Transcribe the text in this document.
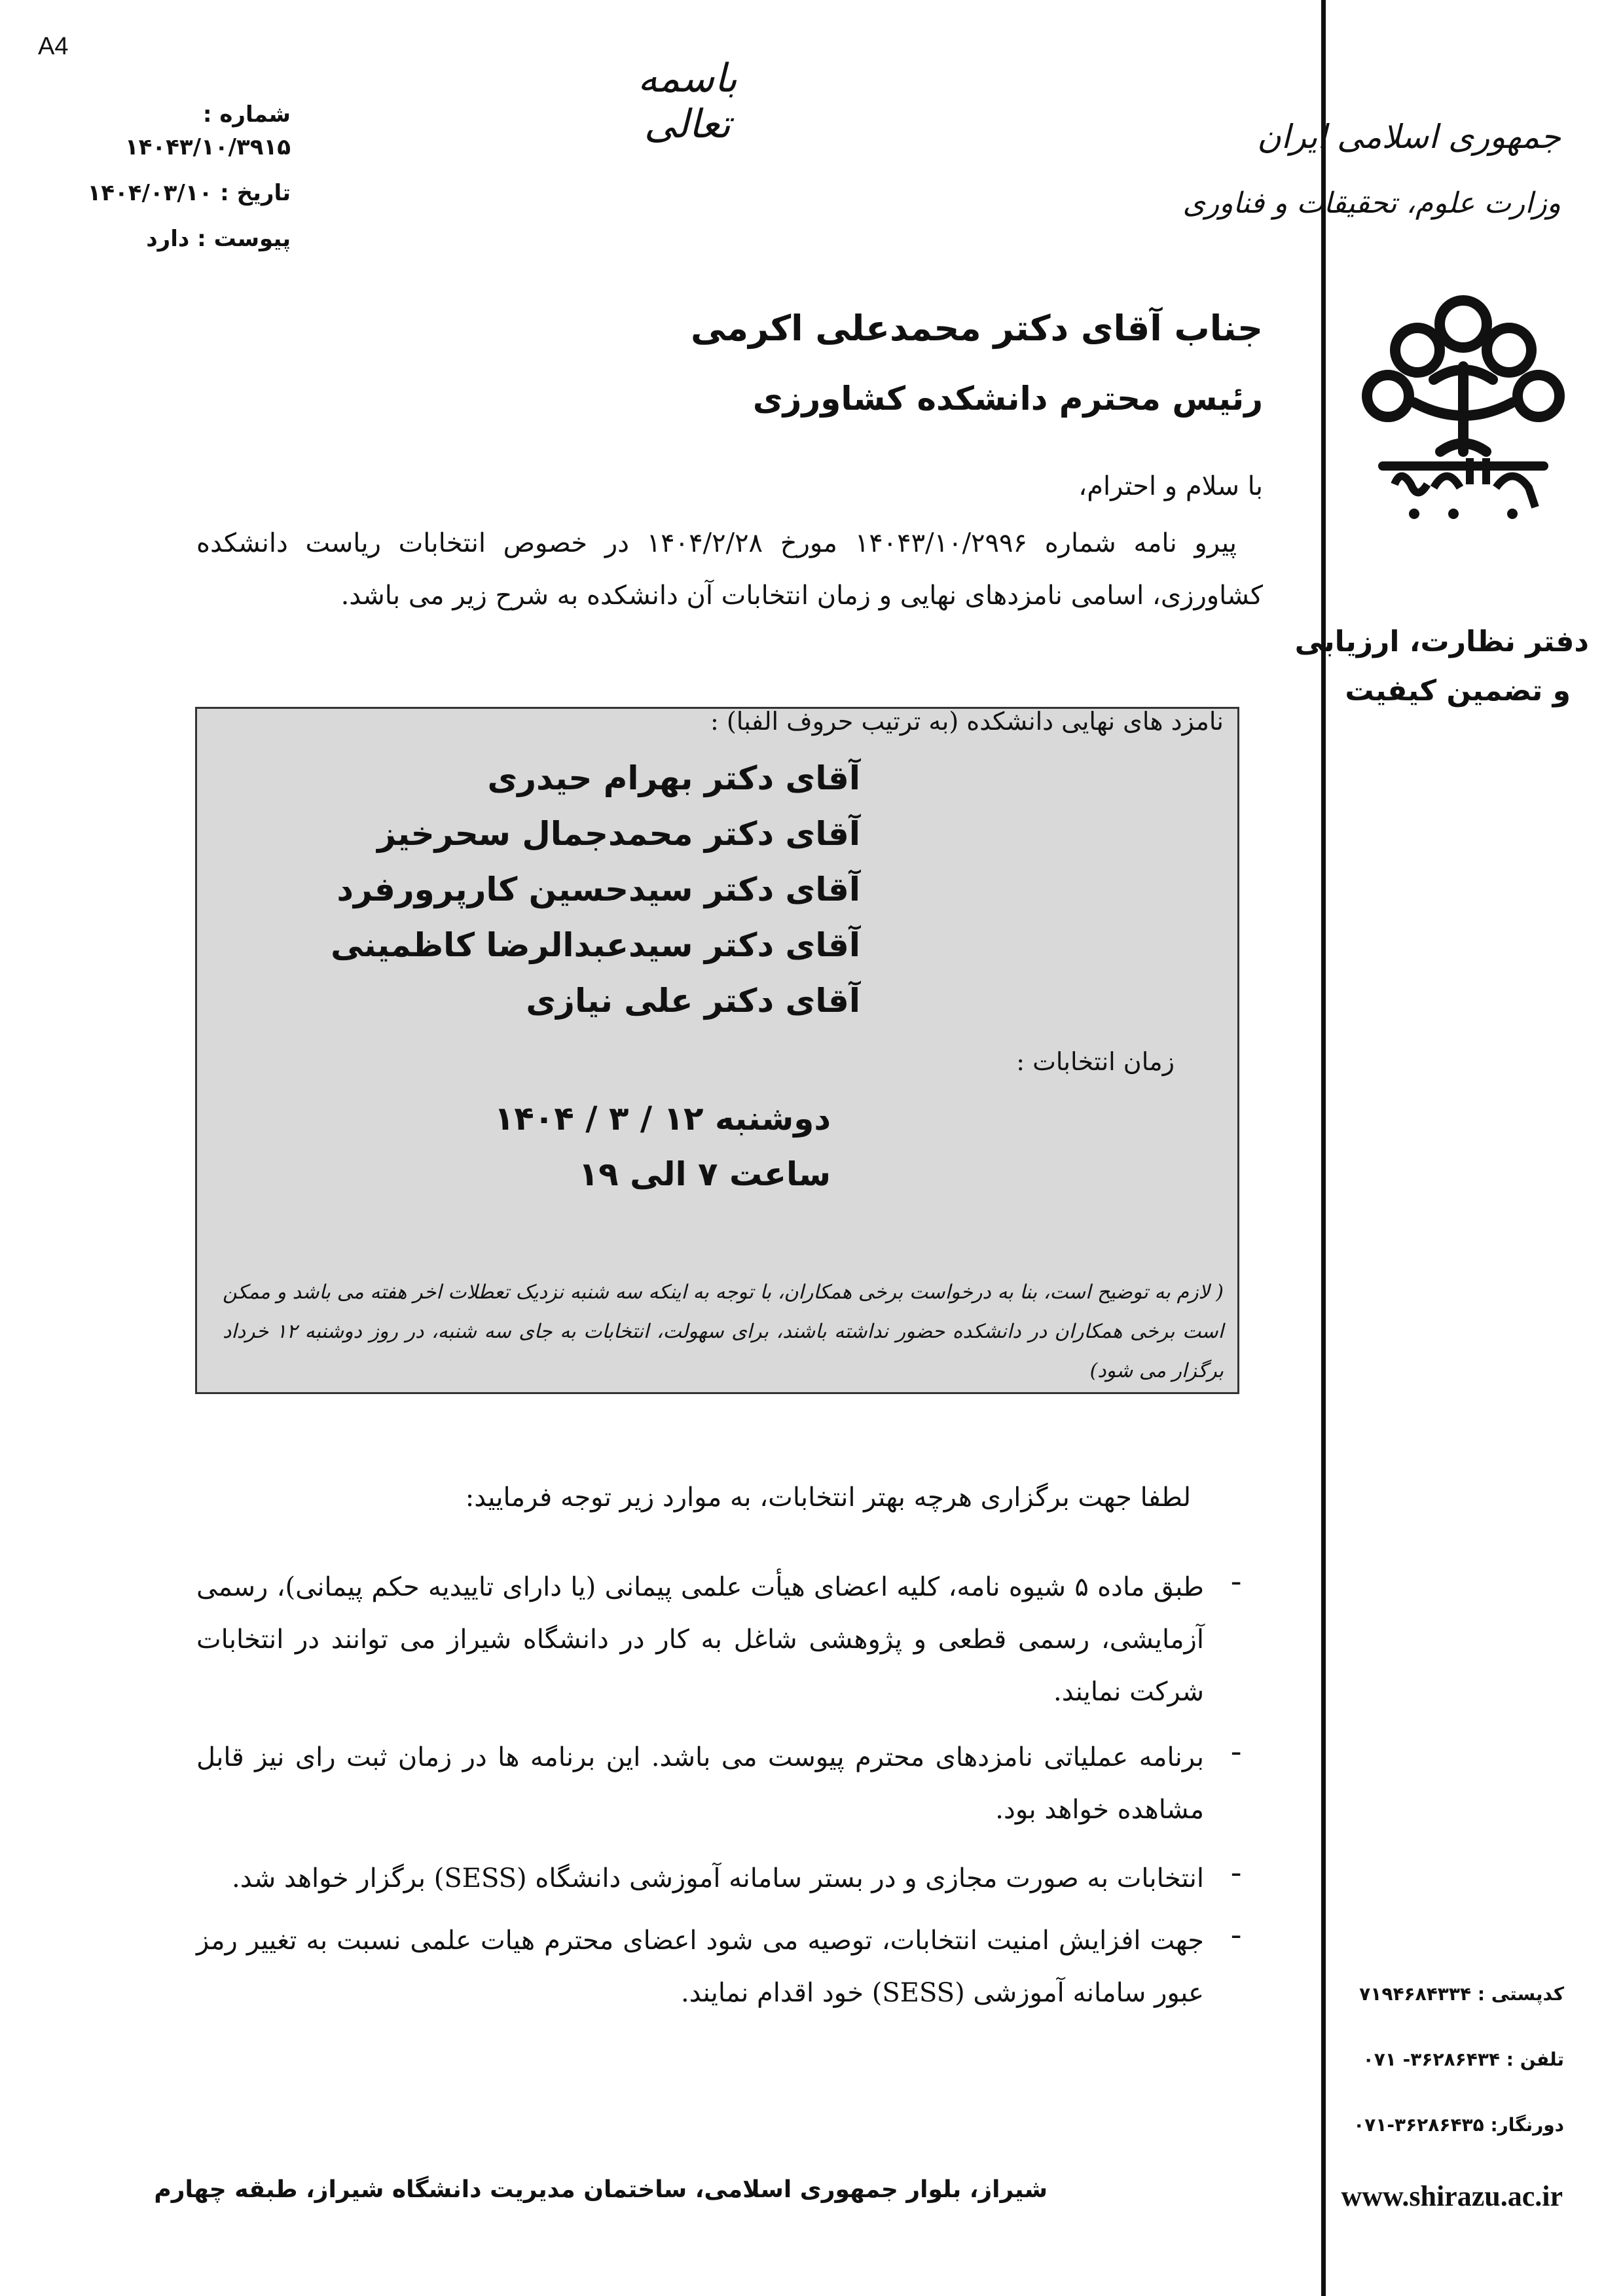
A4
باسمه تعالی
شماره :
۱۴۰۴۳/۱۰/۳۹۱۵
تاریخ : ۱۴۰۴/۰۳/۱۰
پیوست : دارد
جمهوری اسلامی ایران
وزارت علوم، تحقیقات و فناوری
دفتر نظارت، ارزیابی
و تضمین کیفیت
کدپستی : ۷۱۹۴۶۸۴۳۳۴
تلفن : ۳۶۲۸۶۴۳۴- ۰۷۱
دورنگار: ۳۶۲۸۶۴۳۵-۰۷۱
www.shirazu.ac.ir
جناب آقای دکتر محمدعلی اکرمی
رئیس محترم دانشکده کشاورزی
با سلام و احترام،
پیرو نامه شماره ۱۴۰۴۳/۱۰/۲۹۹۶ مورخ ۱۴۰۴/۲/۲۸ در خصوص انتخابات ریاست دانشکده کشاورزی، اسامی نامزدهای نهایی و زمان انتخابات آن دانشکده به شرح زیر می باشد.
نامزد های نهایی دانشکده (به ترتیب حروف الفبا) :
آقای دکتر بهرام حیدری
آقای دکتر محمدجمال سحرخیز
آقای دکتر سیدحسین کارپرورفرد
آقای دکتر سیدعبدالرضا کاظمینی
آقای دکتر علی نیازی
زمان انتخابات :
دوشنبه ۱۲ / ۳ / ۱۴۰۴
ساعت ۷ الی ۱۹
( لازم به توضیح است، بنا به درخواست برخی همکاران، با توجه به اینکه سه شنبه نزدیک تعطلات اخر هفته می باشد و ممکن است برخی همکاران در دانشکده حضور نداشته باشند، برای سهولت، انتخابات به جای سه شنبه، در روز دوشنبه ۱۲ خرداد برگزار می شود)
لطفا جهت برگزاری هرچه بهتر انتخابات، به موارد زیر توجه فرمایید:
ـ
طبق ماده ۵ شیوه نامه، کلیه اعضای هیأت علمی پیمانی (یا دارای تاییدیه حکم پیمانی)، رسمی آزمایشی، رسمی قطعی و پژوهشی شاغل به کار در دانشگاه شیراز می توانند در انتخابات شرکت نمایند.
ـ
برنامه عملیاتی نامزدهای محترم پیوست می باشد. این برنامه ها در زمان ثبت رای نیز قابل مشاهده خواهد بود.
ـ
انتخابات به صورت مجازی و در بستر سامانه آموزشی دانشگاه (SESS) برگزار خواهد شد.
ـ
جهت افزایش امنیت انتخابات، توصیه می شود اعضای محترم هیات علمی نسبت به تغییر رمز عبور سامانه آموزشی (SESS) خود اقدام نمایند.
شیراز، بلوار جمهوری اسلامی، ساختمان مدیریت دانشگاه شیراز، طبقه چهارم
